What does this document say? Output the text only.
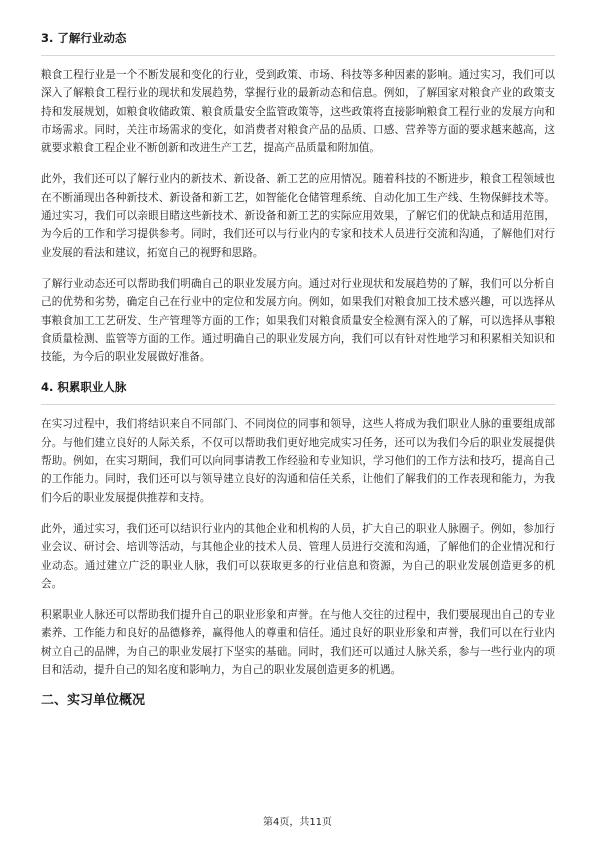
3. 了解行业动态

粮食工程行业是一个不断发展和变化的行业，受到政策、市场、科技等多种因素的影响。通过实习，我们可以深入了解粮食工程行业的现状和发展趋势，掌握行业的最新动态和信息。例如，了解国家对粮食产业的政策支持和发展规划，如粮食收储政策、粮食质量安全监管政策等，这些政策将直接影响粮食工程行业的发展方向和市场需求。同时，关注市场需求的变化，如消费者对粮食产品的品质、口感、营养等方面的要求越来越高，这就要求粮食工程企业不断创新和改进生产工艺，提高产品质量和附加值。

此外，我们还可以了解行业内的新技术、新设备、新工艺的应用情况。随着科技的不断进步，粮食工程领域也在不断涌现出各种新技术、新设备和新工艺，如智能化仓储管理系统、自动化加工生产线、生物保鲜技术等。通过实习，我们可以亲眼目睹这些新技术、新设备和新工艺的实际应用效果，了解它们的优缺点和适用范围，为今后的工作和学习提供参考。同时，我们还可以与行业内的专家和技术人员进行交流和沟通，了解他们对行业发展的看法和建议，拓宽自己的视野和思路。

了解行业动态还可以帮助我们明确自己的职业发展方向。通过对行业现状和发展趋势的了解，我们可以分析自己的优势和劣势，确定自己在行业中的定位和发展方向。例如，如果我们对粮食加工技术感兴趣，可以选择从事粮食加工工艺研发、生产管理等方面的工作；如果我们对粮食质量安全检测有深入的了解，可以选择从事粮食质量检测、监管等方面的工作。通过明确自己的职业发展方向，我们可以有针对性地学习和积累相关知识和技能，为今后的职业发展做好准备。

4. 积累职业人脉

在实习过程中，我们将结识来自不同部门、不同岗位的同事和领导，这些人将成为我们职业人脉的重要组成部分。与他们建立良好的人际关系，不仅可以帮助我们更好地完成实习任务，还可以为我们今后的职业发展提供帮助。例如，在实习期间，我们可以向同事请教工作经验和专业知识，学习他们的工作方法和技巧，提高自己的工作能力。同时，我们还可以与领导建立良好的沟通和信任关系，让他们了解我们的工作表现和能力，为我们今后的职业发展提供推荐和支持。

此外，通过实习，我们还可以结识行业内的其他企业和机构的人员，扩大自己的职业人脉圈子。例如，参加行业会议、研讨会、培训等活动，与其他企业的技术人员、管理人员进行交流和沟通，了解他们的企业情况和行业动态。通过建立广泛的职业人脉，我们可以获取更多的行业信息和资源，为自己的职业发展创造更多的机会。

积累职业人脉还可以帮助我们提升自己的职业形象和声誉。在与他人交往的过程中，我们要展现出自己的专业素养、工作能力和良好的品德修养，赢得他人的尊重和信任。通过良好的职业形象和声誉，我们可以在行业内树立自己的品牌，为自己的职业发展打下坚实的基础。同时，我们还可以通过人脉关系，参与一些行业内的项目和活动，提升自己的知名度和影响力，为自己的职业发展创造更多的机遇。

二、实习单位概况
第4页，共11页
